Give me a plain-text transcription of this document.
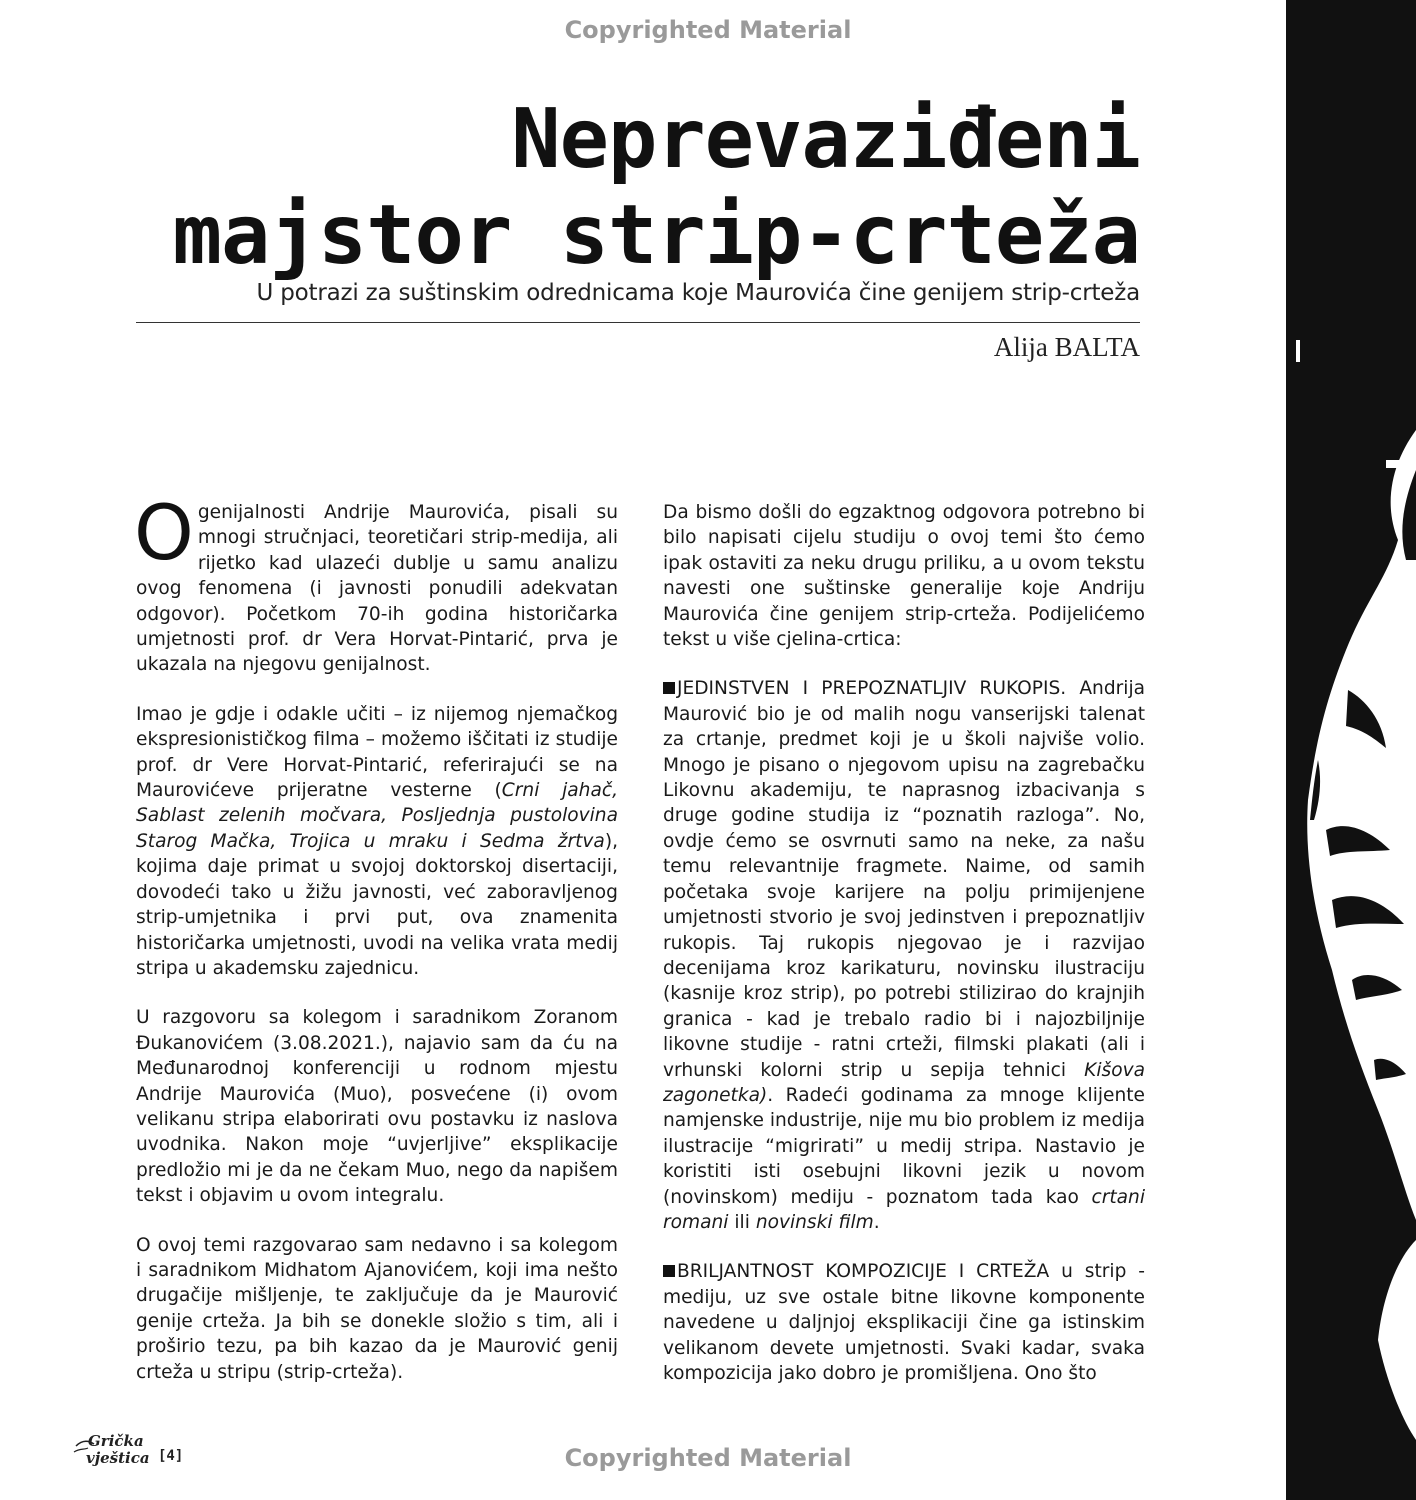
Copyrighted Material
Neprevaziđeni
majstor strip-crteža
U potrazi za suštinskim odrednicama koje Maurovića čine genijem strip-crteža
Alija BALTA

Ogenijalnosti Andrije Maurovića, pisali su mnogi stručnjaci, teoretičari strip-medija, ali rijetko kad ulazeći dublje u samu analizu ovog fenomena (i javnosti ponudili adekvatan odgovor). Početkom 70-ih godina historičarka umjetnosti prof. dr Vera Horvat-Pintarić, prva je ukazala na njegovu genijalnost.

Imao je gdje i odakle učiti – iz nijemog njemačkog ekspresionističkog filma – možemo iščitati iz studije prof. dr Vere Horvat-Pintarić, referirajući se na Maurovićeve prijeratne vesterne (Crni jahač, Sablast zelenih močvara, Posljednja pustolovina Starog Mačka, Trojica u mraku i Sedma žrtva), kojima daje primat u svojoj doktorskoj disertaciji, dovodeći tako u žižu javnosti, već zaboravljenog strip-umjetnika i prvi put, ova znamenita historičarka umjetnosti, uvodi na velika vrata medij stripa u akademsku zajednicu.

U razgovoru sa kolegom i saradnikom Zoranom Đukanovićem (3.08.2021.), najavio sam da ću na Međunarodnoj konferenciji u rodnom mjestu Andrije Maurovića (Muo), posvećene (i) ovom velikanu stripa elaborirati ovu postavku iz naslova uvodnika. Nakon moje “uvjerljive” eksplikacije predložio mi je da ne čekam Muo, nego da napišem tekst i objavim u ovom integralu.

O ovoj temi razgovarao sam nedavno i sa kolegom i saradnikom Midhatom Ajanovićem, koji ima nešto drugačije mišljenje, te zaključuje da je Maurović genije crteža. Ja bih se donekle složio s tim, ali i proširio tezu, pa bih kazao da je Maurović genij crteža u stripu (strip-crteža).

Da bismo došli do egzaktnog odgovora potrebno bi bilo napisati cijelu studiju o ovoj temi što ćemo ipak ostaviti za neku drugu priliku, a u ovom tekstu navesti one suštinske generalije koje Andriju Maurovića čine genijem strip-crteža. Podijelićemo tekst u više cjelina-crtica:

JEDINSTVEN I PREPOZNATLJIV RUKOPIS. Andrija Maurović bio je od malih nogu vanserijski talenat za crtanje, predmet koji je u školi najviše volio. Mnogo je pisano o njegovom upisu na zagrebačku Likovnu akademiju, te naprasnog izbacivanja s druge godine studija iz “poznatih razloga”. No, ovdje ćemo se osvrnuti samo na neke, za našu temu relevantnije fragmete. Naime, od samih početaka svoje karijere na polju primijenjene umjetnosti stvorio je svoj jedinstven i prepoznatljiv rukopis. Taj rukopis njegovao je i razvijao decenijama kroz karikaturu, novinsku ilustraciju (kasnije kroz strip), po potrebi stilizirao do krajnjih granica - kad je trebalo radio bi i najozbiljnije likovne studije - ratni crteži, filmski plakati (ali i vrhunski kolorni strip u sepija tehnici Kišova zagonetka). Radeći godinama za mnoge klijente namjenske industrije, nije mu bio problem iz medija ilustracije “migrirati” u medij stripa. Nastavio je koristiti isti osebujni likovni jezik u novom (novinskom) mediju - poznatom tada kao crtani romani ili novinski film.

BRILJANTNOST KOMPOZICIJE I CRTEŽA u strip -mediju, uz sve ostale bitne likovne komponente navedene u daljnjoj eksplikaciji čine ga istinskim velikanom devete umjetnosti. Svaki kadar, svaka kompozicija jako dobro je promišljena. Ono što

Grička
vještica [4]	Copyrighted Material
